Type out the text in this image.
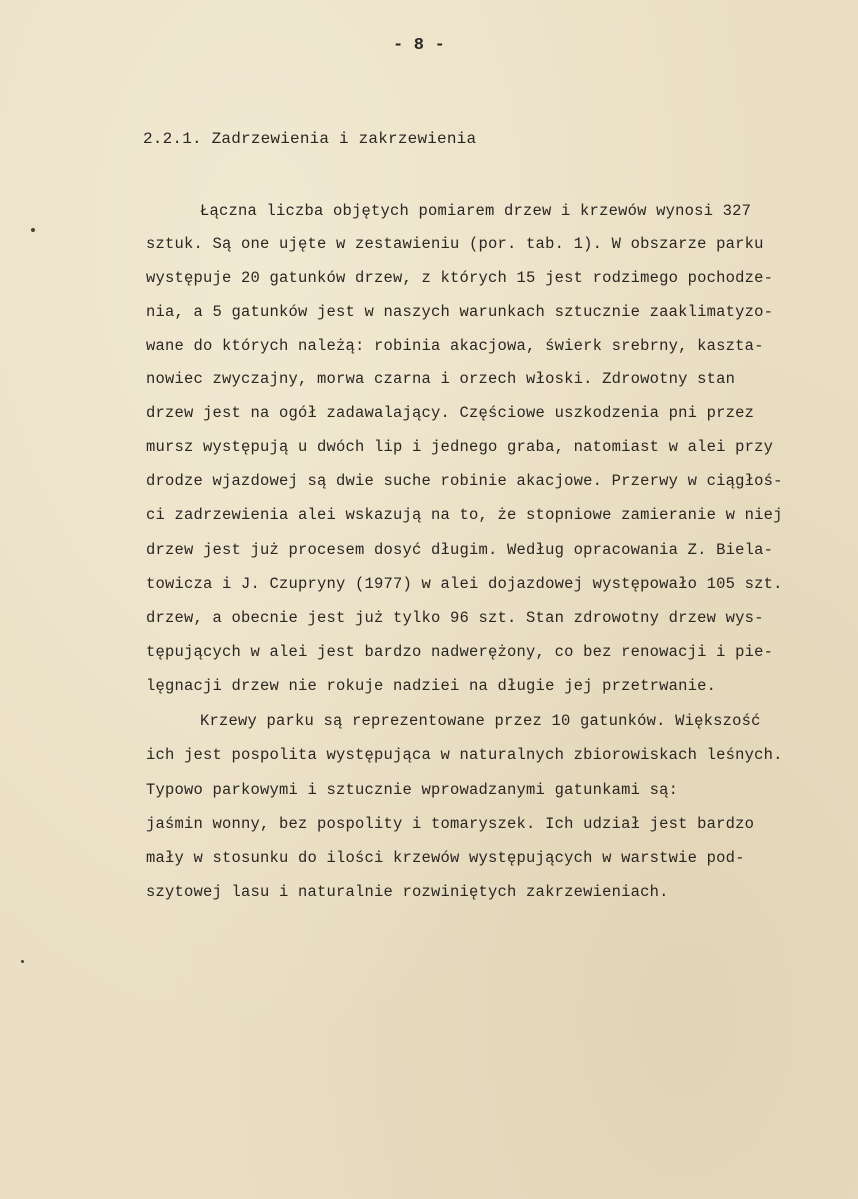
- 8 -
2.2.1. Zadrzewienia i zakrzewienia
Łączna liczba objętych pomiarem drzew i krzewów wynosi 327
sztuk. Są one ujęte w zestawieniu (por. tab. 1). W obszarze parku
występuje 20 gatunków drzew, z których 15 jest rodzimego pochodze-
nia, a 5 gatunków jest w naszych warunkach sztucznie zaaklimatyzo-
wane do których należą: robinia akacjowa, świerk srebrny, kaszta-
nowiec zwyczajny, morwa czarna i orzech włoski. Zdrowotny stan
drzew jest na ogół zadawalający. Częściowe uszkodzenia pni przez
mursz występują u dwóch lip i jednego graba, natomiast w alei przy
drodze wjazdowej są dwie suche robinie akacjowe. Przerwy w ciągłoś-
ci zadrzewienia alei wskazują na to, że stopniowe zamieranie w niej
drzew jest już procesem dosyć długim. Według opracowania Z. Biela-
towicza i J. Czupryny (1977) w alei dojazdowej występowało 105 szt.
drzew, a obecnie jest już tylko 96 szt. Stan zdrowotny drzew wys-
tępujących w alei jest bardzo nadwerężony, co bez renowacji i pie-
lęgnacji drzew nie rokuje nadziei na długie jej przetrwanie.
Krzewy parku są reprezentowane przez 10 gatunków. Większość
ich jest pospolita występująca w naturalnych zbiorowiskach leśnych.
Typowo parkowymi i sztucznie wprowadzanymi gatunkami są:
jaśmin wonny, bez pospolity i tomaryszek. Ich udział jest bardzo
mały w stosunku do ilości krzewów występujących w warstwie pod-
szytowej lasu i naturalnie rozwiniętych zakrzewieniach.
